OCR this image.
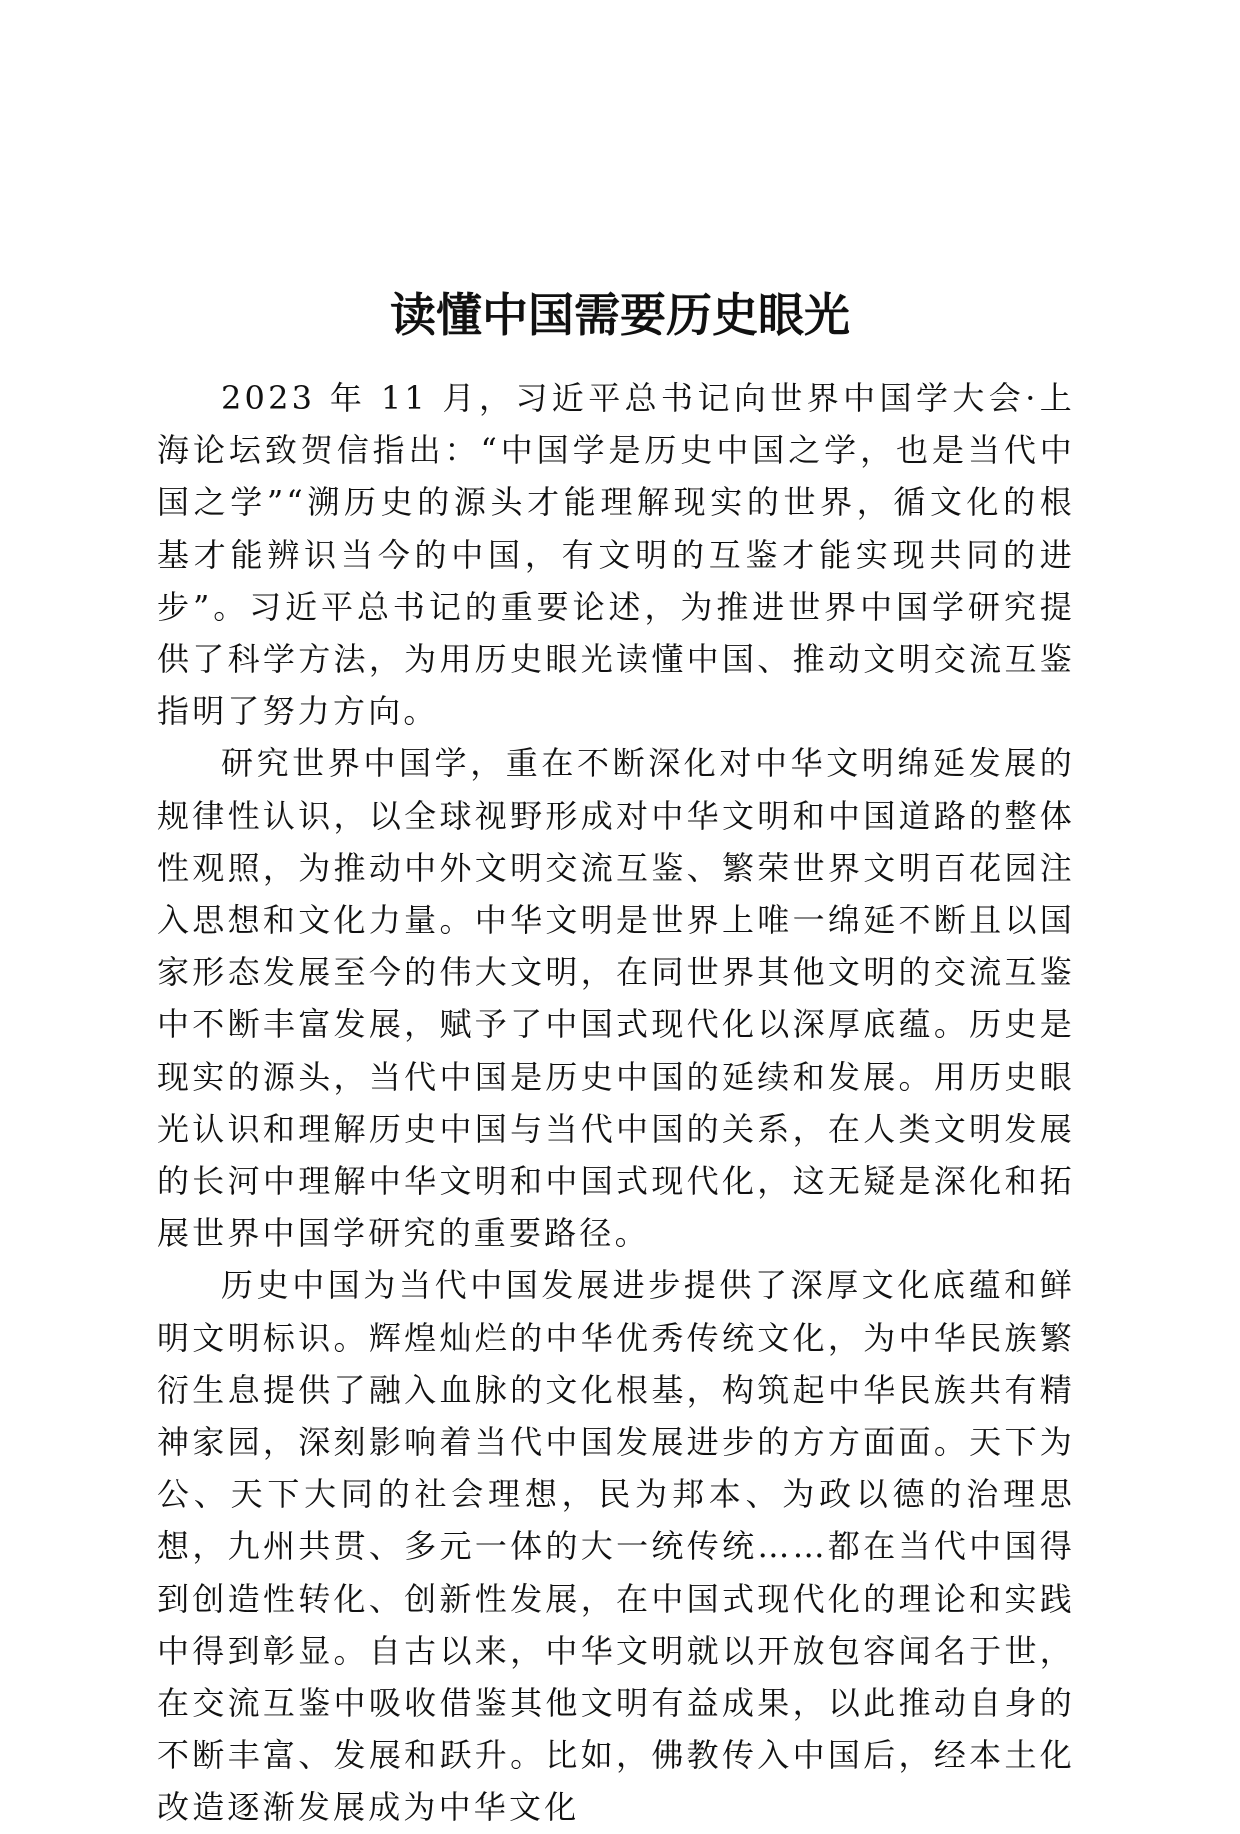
读懂中国需要历史眼光

2023 年 11 月，习近平总书记向世界中国学大会·上海论坛致贺信指出：“中国学是历史中国之学，也是当代中国之学”“溯历史的源头才能理解现实的世界，循文化的根基才能辨识当今的中国，有文明的互鉴才能实现共同的进步”。习近平总书记的重要论述，为推进世界中国学研究提供了科学方法，为用历史眼光读懂中国、推动文明交流互鉴指明了努力方向。

研究世界中国学，重在不断深化对中华文明绵延发展的规律性认识，以全球视野形成对中华文明和中国道路的整体性观照，为推动中外文明交流互鉴、繁荣世界文明百花园注入思想和文化力量。中华文明是世界上唯一绵延不断且以国家形态发展至今的伟大文明，在同世界其他文明的交流互鉴中不断丰富发展，赋予了中国式现代化以深厚底蕴。历史是现实的源头，当代中国是历史中国的延续和发展。用历史眼光认识和理解历史中国与当代中国的关系，在人类文明发展的长河中理解中华文明和中国式现代化，这无疑是深化和拓展世界中国学研究的重要路径。

历史中国为当代中国发展进步提供了深厚文化底蕴和鲜明文明标识。辉煌灿烂的中华优秀传统文化，为中华民族繁衍生息提供了融入血脉的文化根基，构筑起中华民族共有精神家园，深刻影响着当代中国发展进步的方方面面。天下为公、天下大同的社会理想，民为邦本、为政以德的治理思想，九州共贯、多元一体的大一统传统……都在当代中国得到创造性转化、创新性发展，在中国式现代化的理论和实践中得到彰显。自古以来，中华文明就以开放包容闻名于世，在交流互鉴中吸收借鉴其他文明有益成果，以此推动自身的不断丰富、发展和跃升。比如，佛教传入中国后，经本土化改造逐渐发展成为中华文化
